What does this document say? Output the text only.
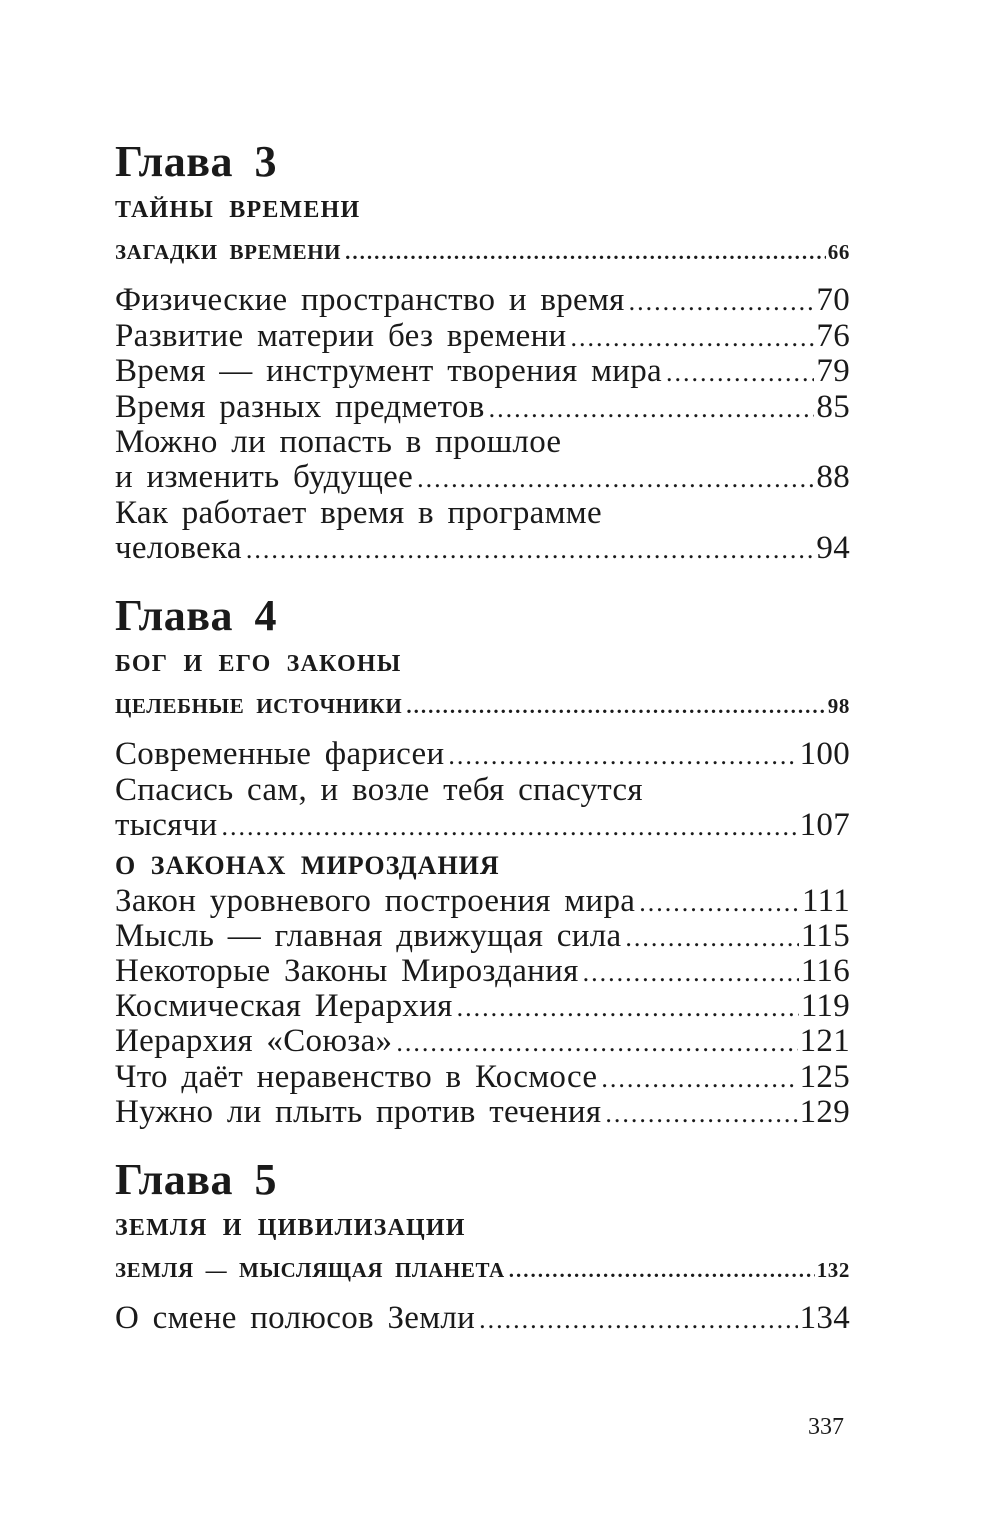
Глава 3
ТАЙНЫ ВРЕМЕНИ
ЗАГАДКИ ВРЕМЕНИ .....	66
Физические пространство и время .....	70
Развитие материи без времени .....	76
Время — инструмент творения мира .....	79
Время разных предметов .....	85
Можно ли попасть в прошлое
и изменить будущее .....	88
Как работает время в программе
человека .....	94
Глава 4
БОГ И ЕГО ЗАКОНЫ
ЦЕЛЕБНЫЕ ИСТОЧНИКИ .....	98
Современные фарисеи .....	100
Спасись сам, и возле тебя спасутся
тысячи .....	107
О ЗАКОНАХ МИРОЗДАНИЯ
Закон уровневого построения мира .....	111
Мысль — главная движущая сила .....	115
Некоторые Законы Мироздания .....	116
Космическая Иерархия .....	119
Иерархия «Союза» .....	121
Что даёт неравенство в Космосе .....	125
Нужно ли плыть против течения .....	129
Глава 5
ЗЕМЛЯ И ЦИВИЛИЗАЦИИ
ЗЕМЛЯ — МЫСЛЯЩАЯ ПЛАНЕТА .....	132
О смене полюсов Земли .....	134
337
